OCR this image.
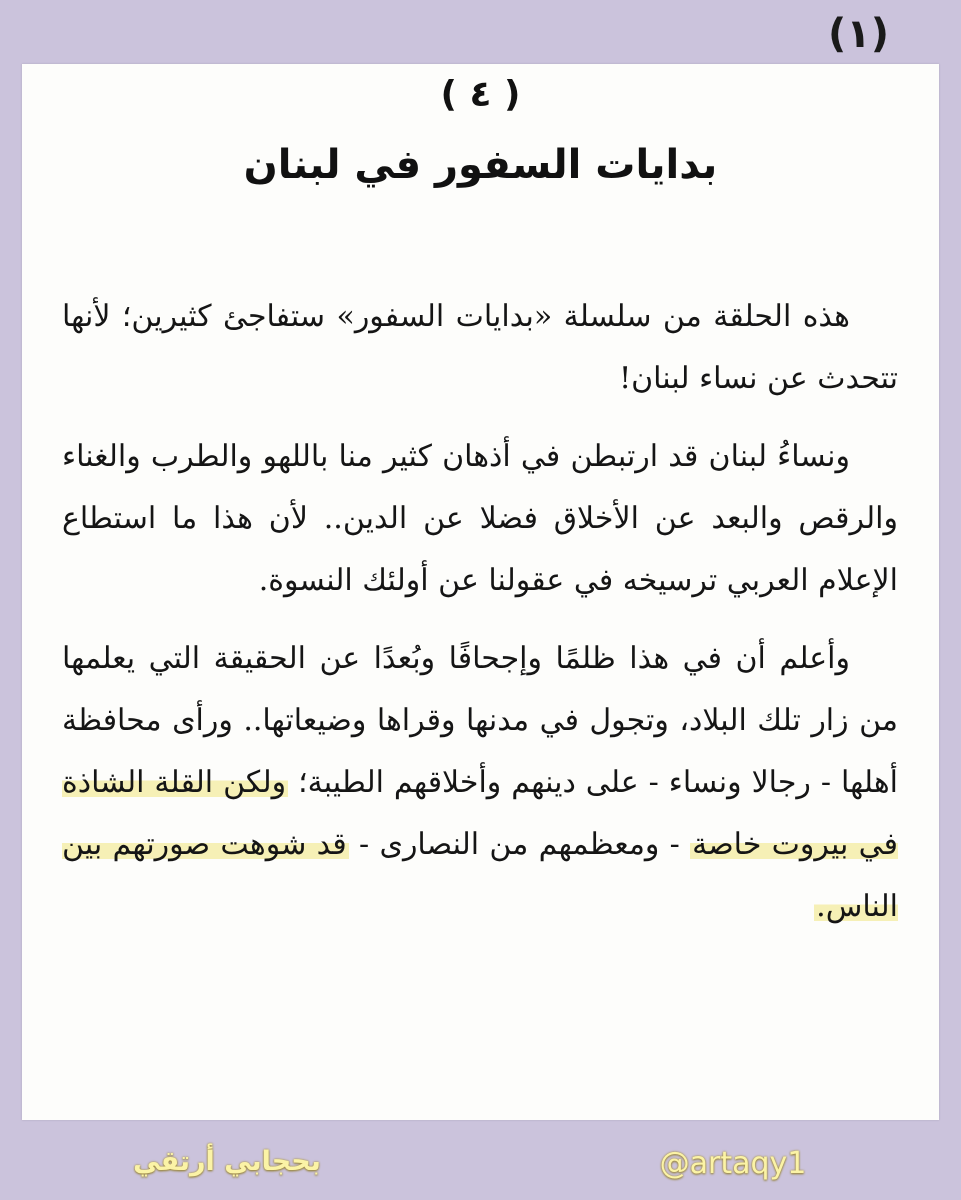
(١)
( ٤ )
بدايات السفور في لبنان

هذه الحلقة من سلسلة «بدايات السفور» ستفاجئ كثيرين؛ لأنها تتحدث عن نساء لبنان!

ونساءُ لبنان قد ارتبطن في أذهان كثير منا باللهو والطرب والغناء والرقص والبعد عن الأخلاق فضلا عن الدين.. لأن هذا ما استطاع الإعلام العربي ترسيخه في عقولنا عن أولئك النسوة.

وأعلم أن في هذا ظلمًا وإجحافًا وبُعدًا عن الحقيقة التي يعلمها من زار تلك البلاد، وتجول في مدنها وقراها وضيعاتها.. ورأى محافظة أهلها - رجالا ونساء - على دينهم وأخلاقهم الطيبة؛ ولكن القلة الشاذة في بيروت خاصة - ومعظمهم من النصارى - قد شوهت صورتهم بين الناس.

بحجابي أرتقي	@artaqy1
